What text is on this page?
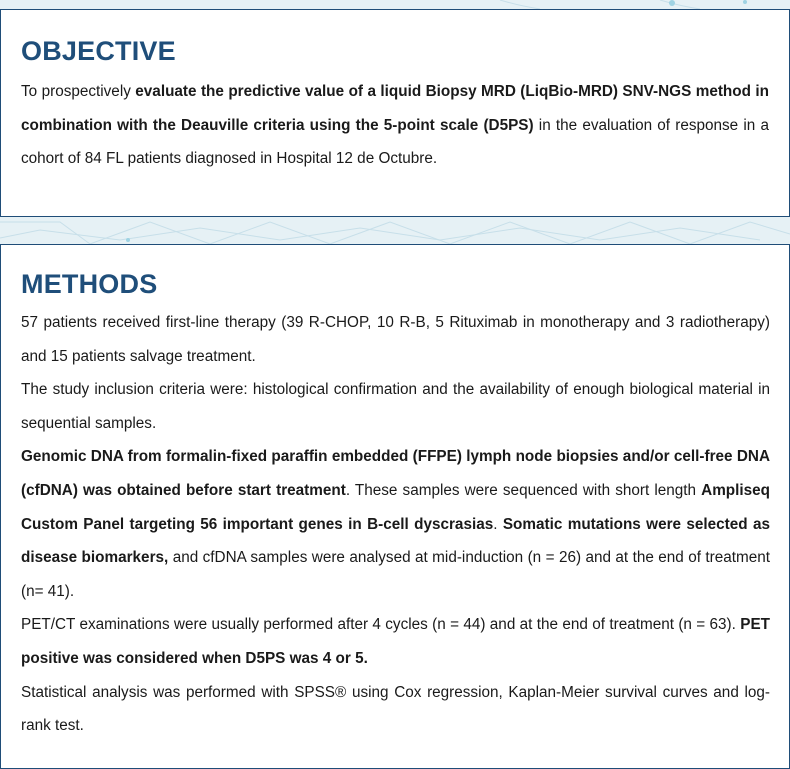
OBJECTIVE

To prospectively evaluate the predictive value of a liquid Biopsy MRD (LiqBio-MRD) SNV-NGS method in combination with the Deauville criteria using the 5-point scale (D5PS) in the evaluation of response in a cohort of 84 FL patients diagnosed in Hospital 12 de Octubre.

METHODS

57 patients received first-line therapy (39 R-CHOP, 10 R-B, 5 Rituximab in monotherapy and 3 radiotherapy) and 15 patients salvage treatment.

The study inclusion criteria were: histological confirmation and the availability of enough biological material in sequential samples.

Genomic DNA from formalin-fixed paraffin embedded (FFPE) lymph node biopsies and/or cell-free DNA (cfDNA) was obtained before start treatment. These samples were sequenced with short length Ampliseq Custom Panel targeting 56 important genes in B-cell dyscrasias. Somatic mutations were selected as disease biomarkers, and cfDNA samples were analysed at mid-induction (n = 26) and at the end of treatment (n= 41).

PET/CT examinations were usually performed after 4 cycles (n = 44) and at the end of treatment (n = 63). PET positive was considered when D5PS was 4 or 5.

Statistical analysis was performed with SPSS® using Cox regression, Kaplan-Meier survival curves and log-rank test.
